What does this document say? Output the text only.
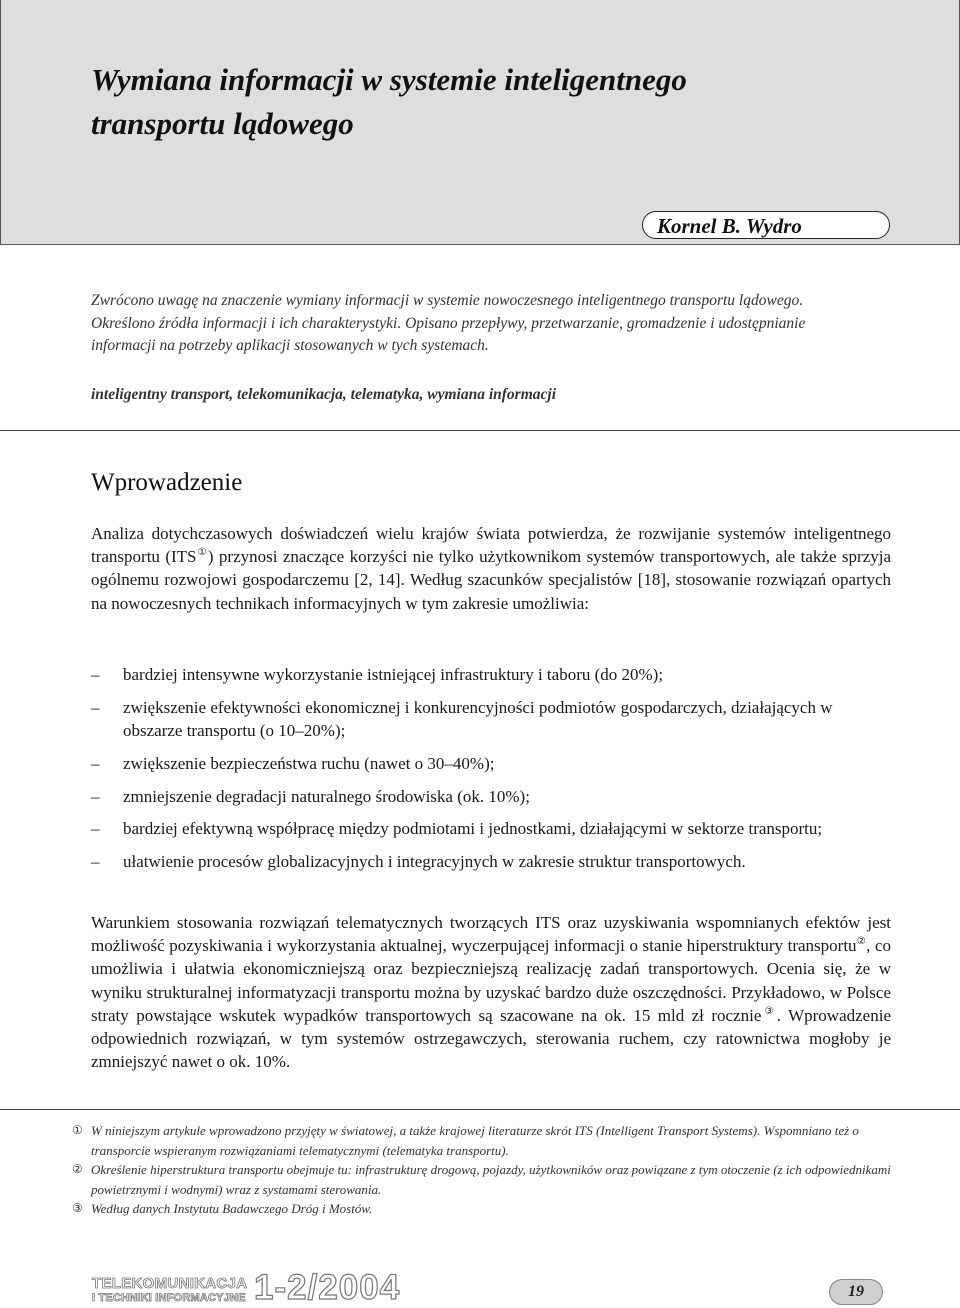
Wymiana informacji w systemie inteligentnego
transportu lądowego
Kornel B. Wydro

Zwrócono uwagę na znaczenie wymiany informacji w systemie nowoczesnego inteligentnego transportu lądowego.
Określono źródła informacji i ich charakterystyki. Opisano przepływy, przetwarzanie, gromadzenie i udostępnianie
informacji na potrzeby aplikacji stosowanych w tych systemach.

inteligentny transport, telekomunikacja, telematyka, wymiana informacji

Wprowadzenie

Analiza dotychczasowych doświadczeń wielu krajów świata potwierdza, że rozwijanie systemów inteligentnego transportu (ITS①) przynosi znaczące korzyści nie tylko użytkownikom systemów transportowych, ale także sprzyja ogólnemu rozwojowi gospodarczemu [2, 14]. Według szacunków specjalistów [18], stosowanie rozwiązań opartych na nowoczesnych technikach informacyjnych w tym zakresie umożliwia:

– bardziej intensywne wykorzystanie istniejącej infrastruktury i taboru (do 20%);
– zwiększenie efektywności ekonomicznej i konkurencyjności podmiotów gospodarczych, działających w obszarze transportu (o 10–20%);
– zwiększenie bezpieczeństwa ruchu (nawet o 30–40%);
– zmniejszenie degradacji naturalnego środowiska (ok. 10%);
– bardziej efektywną współpracę między podmiotami i jednostkami, działającymi w sektorze transportu;
– ułatwienie procesów globalizacyjnych i integracyjnych w zakresie struktur transportowych.

Warunkiem stosowania rozwiązań telematycznych tworzących ITS oraz uzyskiwania wspomnianych efektów jest możliwość pozyskiwania i wykorzystania aktualnej, wyczerpującej informacji o stanie hiperstruktury transportu②, co umożliwia i ułatwia ekonomiczniejszą oraz bezpieczniejszą realizację zadań transportowych. Ocenia się, że w wyniku strukturalnej informatyzacji transportu można by uzyskać bardzo duże oszczędności. Przykładowo, w Polsce straty powstające wskutek wypadków transportowych są szacowane na ok. 15 mld zł rocznie③. Wprowadzenie odpowiednich rozwiązań, w tym systemów ostrzegawczych, sterowania ruchem, czy ratownictwa mogłoby je zmniejszyć nawet o ok. 10%.

① W niniejszym artykule wprowadzono przyjęty w światowej, a także krajowej literaturze skrót ITS (Intelligent Transport Systems). Wspomniano też o transporcie wspieranym rozwiązaniami telematycznymi (telematyka transportu).
② Określenie hiperstruktura transportu obejmuje tu: infrastrukturę drogową, pojazdy, użytkowników oraz powiązane z tym otoczenie (z ich odpowiednikami powietrznymi i wodnymi) wraz z systamami sterowania.
③ Według danych Instytutu Badawczego Dróg i Mostów.
TELEKOMUNIKACJA
I TECHNIKI INFORMACYJNE 1-2/2004	19
